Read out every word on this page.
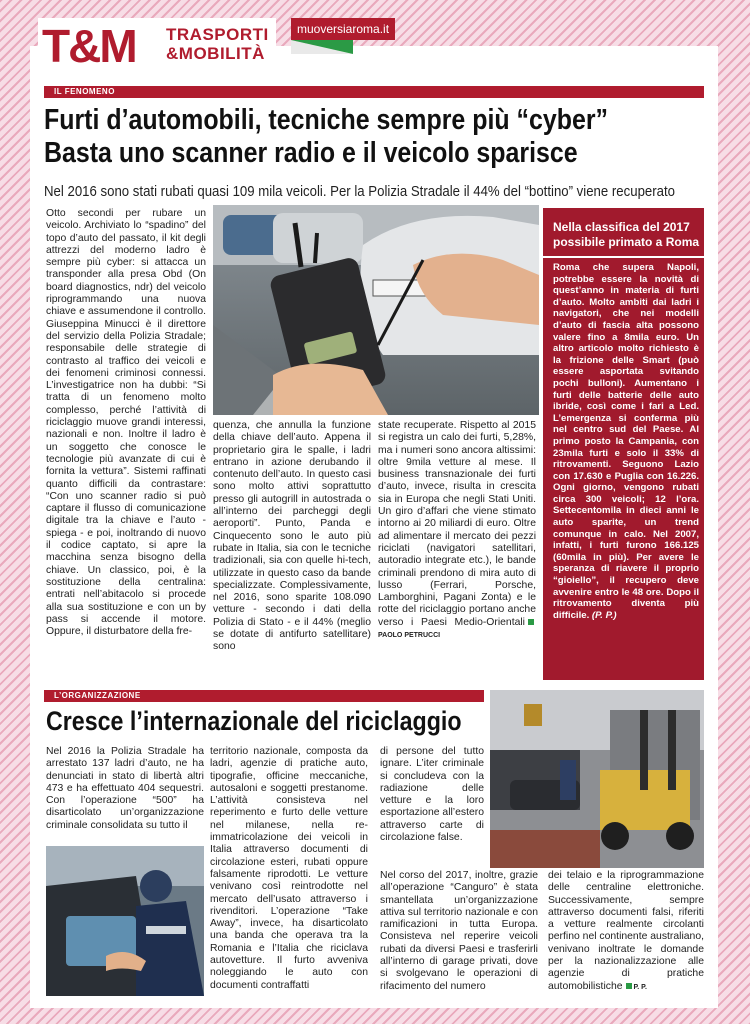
T&M TRASPORTI
&MOBILITÀ
muoversiaroma.it
IL FENOMENO
Furti d’automobili, tecniche sempre più “cyber”
Basta uno scanner radio e il veicolo sparisce
Nel 2016 sono stati rubati quasi 109 mila veicoli. Per la Polizia Stradale il 44% del “bottino” viene recuperato

Otto secondi per rubare un veicolo. Archiviato lo “spadino” del topo d’auto del passato, il kit degli attrezzi del moderno ladro è sempre più cyber: si attacca un transponder alla presa Obd (On board diagnostics, ndr) del veicolo riprogrammando una nuova chiave e assumendone il controllo. Giuseppina Minucci è il direttore del servizio della Polizia Stradale; responsabile delle strategie di contrasto al traffico dei veicoli e dei fenomeni criminosi connessi. L’investigatrice non ha dubbi: “Si tratta di un fenomeno molto complesso, perché l’attività di riciclaggio muove grandi interessi, nazionali e non. Inoltre il ladro è un soggetto che conosce le tecnologie più avanzate di cui è fornita la vettura”. Sistemi raffinati quanto difficili da contrastare: “Con uno scanner radio si può captare il flusso di comunicazione digitale tra la chiave e l’auto - spiega - e poi, inoltrando di nuovo il codice captato, si apre la macchina senza bisogno della chiave. Un classico, poi, è la sostituzione della centralina: entrati nell’abitacolo si procede alla sua sostituzione e con un by pass si accende il motore. Oppure, il disturbatore della fre-

quenza, che annulla la funzione della chiave dell’auto. Appena il proprietario gira le spalle, i ladri entrano in azione derubando il contenuto dell’auto. In questo casi sono molto attivi soprattutto presso gli autogrill in autostrada o all’interno dei parcheggi degli aeroporti”. Punto, Panda e Cinquecento sono le auto più rubate in Italia, sia con le tecniche tradizionali, sia con quelle hi-tech, utilizzate in questo caso da bande specializzate. Complessivamente, nel 2016, sono sparite 108.090 vetture - secondo i dati della Polizia di Stato - e il 44% (meglio se dotate di antifurto satellitare) sono

state recuperate. Rispetto al 2015 si registra un calo dei furti, 5,28%, ma i numeri sono ancora altissimi: oltre 9mila vetture al mese. Il business transnazionale dei furti d’auto, invece, risulta in crescita sia in Europa che negli Stati Uniti. Un giro d’affari che viene stimato intorno ai 20 miliardi di euro. Oltre ad alimentare il mercato dei pezzi riciclati (navigatori satellitari, autoradio integrate etc.), le bande criminali prendono di mira auto di lusso (Ferrari, Porsche, Lamborghini, Pagani Zonta) e le rotte del riciclaggio portano anche verso i Paesi Medio-OrientaliPAOLO PETRUCCI

Nella classifica del 2017 possibile primato a Roma
Roma che supera Napoli, potrebbe essere la novità di quest’anno in materia di furti d’auto. Molto ambiti dai ladri i navigatori, che nei modelli d’auto di fascia alta possono valere fino a 8mila euro. Un altro articolo molto richiesto è la frizione delle Smart (può essere asportata svitando pochi bulloni). Aumentano i furti delle batterie delle auto ibride, così come i fari a Led. L’emergenza si conferma più nel centro sud del Paese. Al primo posto la Campania, con 23mila furti e solo il 33% di ritrovamenti. Seguono Lazio con 17.630 e Puglia con 16.226. Ogni giorno, vengono rubati circa 300 veicoli; 12 l’ora. Settecentomila in dieci anni le auto sparite, un trend comunque in calo. Nel 2007, infatti, i furti furono 166.125 (60mila in più). Per avere le speranza di riavere il proprio “gioiello”, il recupero deve avvenire entro le 48 ore. Dopo il ritrovamento diventa più difficile. (P. P.)
L’ORGANIZZAZIONE
Cresce l’internazionale del riciclaggio

Nel 2016 la Polizia Stradale ha arrestato 137 ladri d’auto, ne ha denunciati in stato di libertà altri 473 e ha effettuato 404 sequestri. Con l’operazione “500” ha disarticolato un’organizzazione criminale consolidata su tutto il

territorio nazionale, composta da ladri, agenzie di pratiche auto, tipografie, officine meccaniche, autosaloni e soggetti prestanome. L’attività consisteva nel reperimento e furto delle vetture nel milanese, nella re-immatricolazione dei veicoli in Italia attraverso documenti di circolazione esteri, rubati oppure falsamente riprodotti. Le vetture venivano così reintrodotte nel mercato dell’usato attraverso i rivenditori. L’operazione “Take Away”, invece, ha disarticolato una banda che operava tra la Romania e l’Italia che riciclava autovetture. Il furto avveniva noleggiando le auto con documenti contraffatti

di persone del tutto ignare. L’iter criminale si concludeva con la radiazione delle vetture e la loro esportazione all’estero attraverso carte di circolazione false.

Nel corso del 2017, inoltre, grazie all’operazione “Canguro” è stata smantellata un’organizzazione attiva sul territorio nazionale e con ramificazioni in tutta Europa. Consisteva nel reperire veicoli rubati da diversi Paesi e trasferirli all’interno di garage privati, dove si svolgevano le operazioni di rifacimento del numero

dei telaio e la riprogrammazione delle centraline elettroniche. Successivamente, sempre attraverso documenti falsi, riferiti a vetture realmente circolanti perfino nel continente australiano, venivano inoltrate le domande per la nazionalizzazione alle agenzie di pratiche automobilistiche P. P.
